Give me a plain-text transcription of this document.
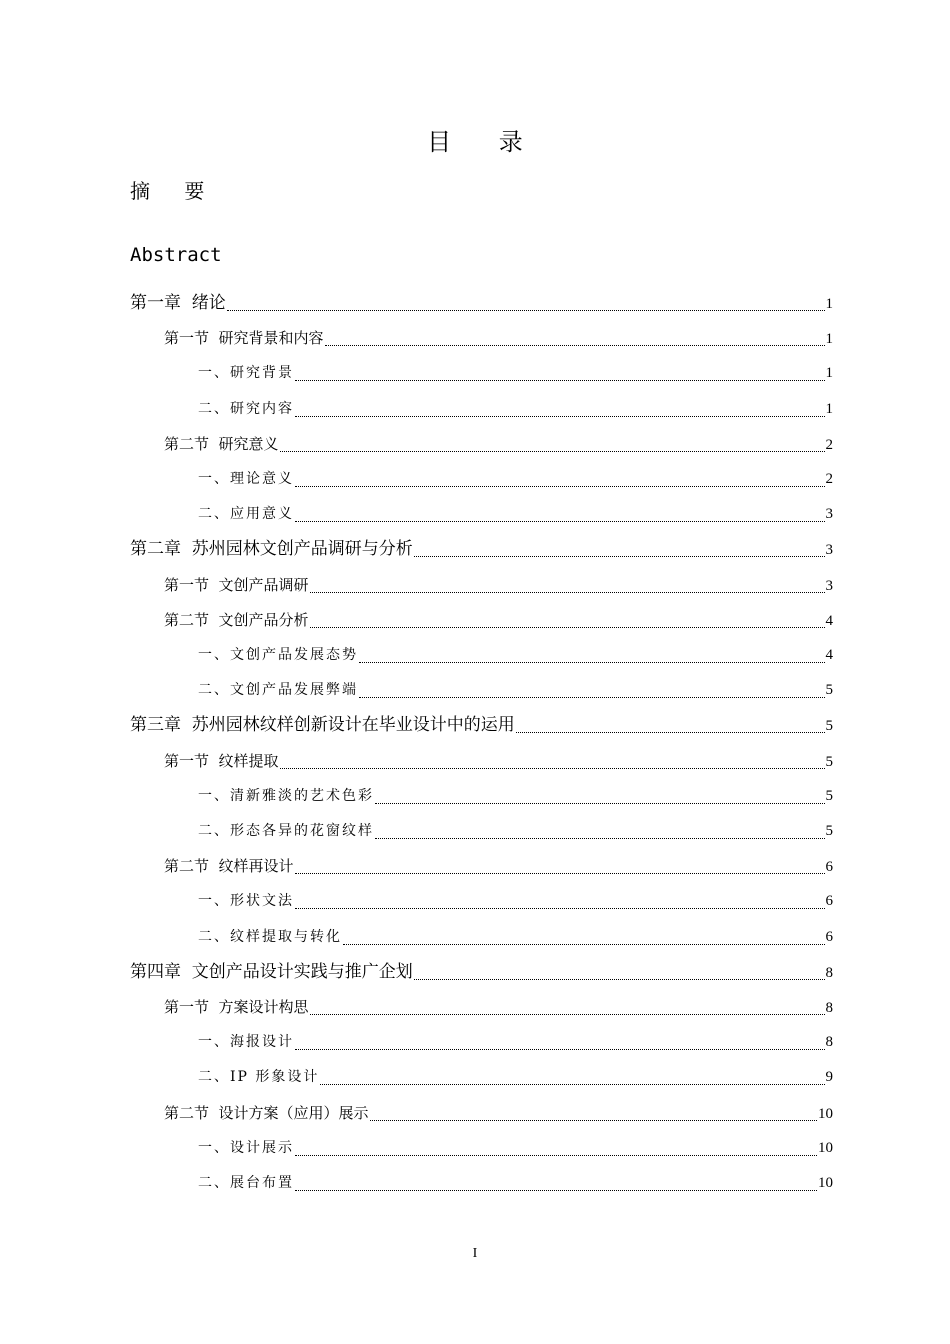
目 录
摘 要
Abstract
第一章  绪论	1
第一节  研究背景和内容	1
一、研究背景	1
二、研究内容	1
第二节  研究意义	2
一、理论意义	2
二、应用意义	3
第二章  苏州园林文创产品调研与分析	3
第一节  文创产品调研	3
第二节  文创产品分析	4
一、文创产品发展态势	4
二、文创产品发展弊端	5
第三章  苏州园林纹样创新设计在毕业设计中的运用	5
第一节  纹样提取	5
一、清新雅淡的艺术色彩	5
二、形态各异的花窗纹样	5
第二节  纹样再设计	6
一、形状文法	6
二、纹样提取与转化	6
第四章  文创产品设计实践与推广企划	8
第一节  方案设计构思	8
一、海报设计	8
二、IP 形象设计	9
第二节  设计方案（应用）展示	10
一、设计展示	10
二、展台布置	10
I
